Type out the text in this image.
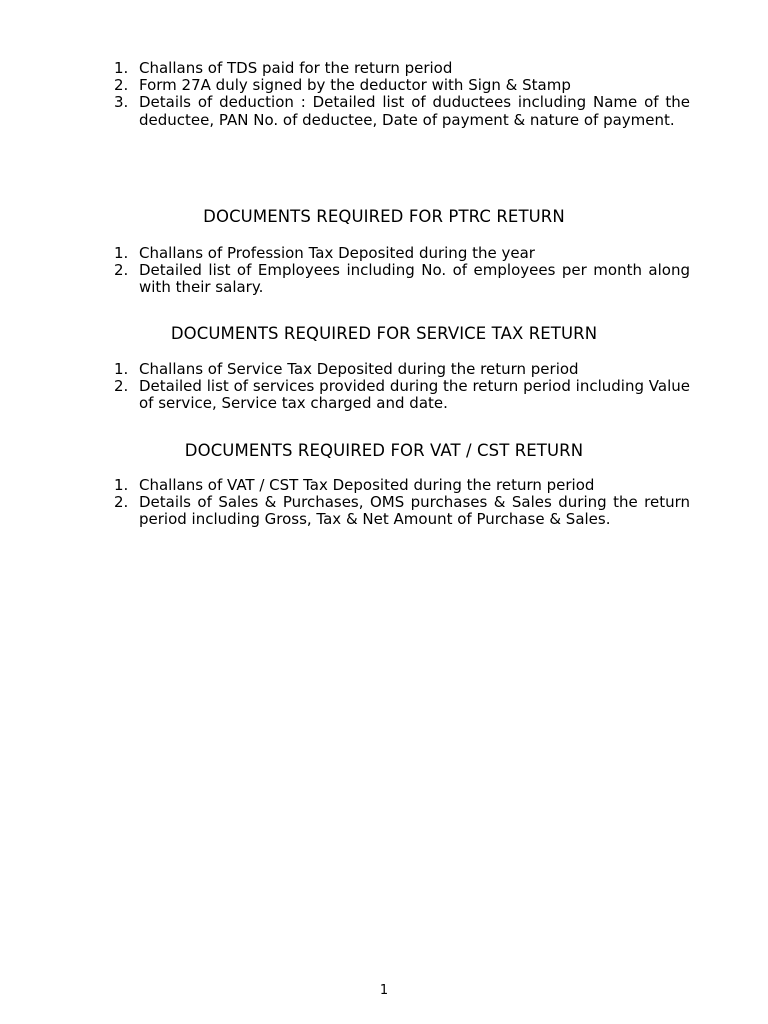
1. Challans of TDS paid for the return period
2. Form 27A duly signed by the deductor with Sign & Stamp
3. Details of deduction : Detailed list of duductees including Name of the deductee, PAN No. of deductee, Date of payment & nature of payment.
DOCUMENTS REQUIRED FOR PTRC RETURN
1. Challans of Profession Tax Deposited during the year
2. Detailed list of Employees including No. of employees per month along with their salary.
DOCUMENTS REQUIRED FOR SERVICE TAX RETURN
1. Challans of Service Tax Deposited during the return period
2. Detailed list of services provided during the return period including Value of service, Service tax charged and date.
DOCUMENTS REQUIRED FOR VAT / CST RETURN
1. Challans of VAT / CST Tax Deposited during the return period
2. Details of Sales & Purchases, OMS purchases & Sales during the return period including Gross, Tax & Net Amount of Purchase & Sales.
1
